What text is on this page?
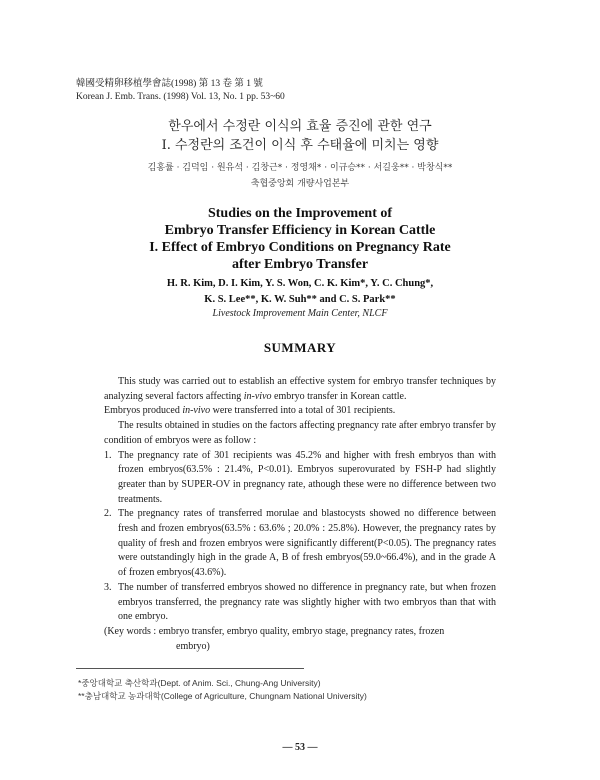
韓國受精卵移植學會誌(1998) 第 13 卷 第 1 號
Korean J. Emb. Trans. (1998) Vol. 13, No. 1 pp. 53~60
한우에서 수정란 이식의 효율 증진에 관한 연구
I. 수정란의 조건이 이식 후 수태율에 미치는 영향
김홍률 · 김덕임 · 원유석 · 김창근* · 정영채* · 이규승** · 서길웅** · 박창식**
축협중앙회 개량사업본부
Studies on the Improvement of
Embryo Transfer Efficiency in Korean Cattle
I. Effect of Embryo Conditions on Pregnancy Rate
after Embryo Transfer
H. R. Kim, D. I. Kim, Y. S. Won, C. K. Kim*, Y. C. Chung*,
K. S. Lee**, K. W. Suh** and C. S. Park**
Livestock Improvement Main Center, NLCF
SUMMARY

This study was carried out to establish an effective system for embryo transfer techniques by analyzing several factors affecting in-vivo embryo transfer in Korean cattle.

Embryos produced in-vivo were transferred into a total of 301 recipients.

The results obtained in studies on the factors affecting pregnancy rate after embryo transfer by condition of embryos were as follow :

1. The pregnancy rate of 301 recipients was 45.2% and higher with fresh embryos than with frozen embryos(63.5% : 21.4%, P<0.01). Embryos superovurated by FSH-P had slightly greater than by SUPER-OV in pregnancy rate, athough these were no difference between two treatments.
2. The pregnancy rates of transferred morulae and blastocysts showed no difference between fresh and frozen embryos(63.5% : 63.6% ; 20.0% : 25.8%). However, the pregnancy rates by quality of fresh and frozen embryos were significantly different(P<0.05). The pregnancy rates were outstandingly high in the grade A, B of fresh embryos(59.0~66.4%), and in the grade A of frozen embryos(43.6%).
3. The number of transferred embryos showed no difference in pregnancy rate, but when frozen embryos transferred, the pregnancy rate was slightly higher with two embryos than that with one embryo.
(Key words : embryo transfer, embryo quality, embryo stage, pregnancy rates, frozen
embryo)
*중앙대학교 축산학과(Dept. of Anim. Sci., Chung-Ang University)
**충남대학교 농과대학(College of Agriculture, Chungnam National University)
— 53 —
